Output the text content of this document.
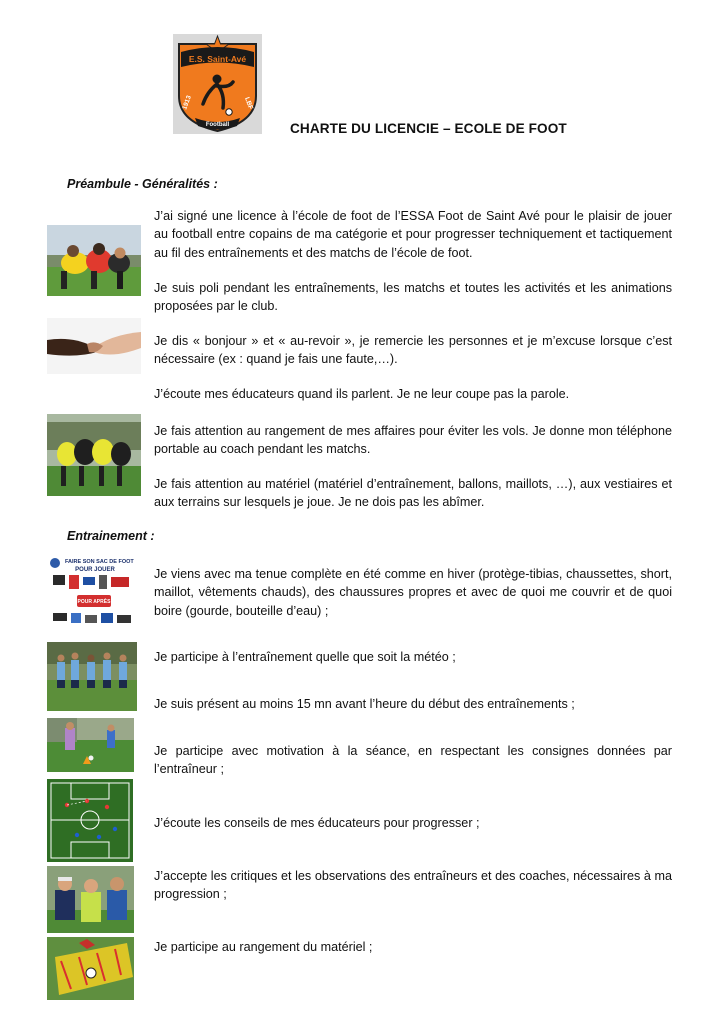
E.S. Saint-Avé
1913	LBF
Football	CHARTE DU LICENCIE – ECOLE DE FOOT
Préambule - Généralités :

J’ai signé une licence à l’école de foot de l’ESSA Foot de Saint Avé pour le plaisir de jouer au football entre copains de ma catégorie et pour progresser techniquement et tactiquement au fil des entraînements et des matchs de l’école de foot.

Je suis poli pendant les entraînements, les matchs et toutes les activités et les animations proposées par le club.

Je dis « bonjour » et « au-revoir », je remercie les personnes et je m’excuse lorsque c’est nécessaire (ex : quand je fais une faute,…).

J’écoute mes éducateurs quand ils parlent. Je ne leur coupe pas la parole.

Je fais attention au rangement de mes affaires pour éviter les vols. Je donne mon téléphone portable au coach pendant les matchs.

Je fais attention au matériel (matériel d’entraînement, ballons, maillots, …), aux vestiaires et aux terrains sur lesquels je joue. Je ne dois pas les abîmer.

Entrainement :

Je viens avec ma tenue complète en été comme en hiver (protège-tibias, chaussettes, short, maillot, vêtements chauds), des chaussures propres et avec de quoi me couvrir et de quoi boire (gourde, bouteille d’eau) ;

Je participe à l’entraînement quelle que soit la météo ;

Je suis présent au moins 15 mn avant l’heure du début des entraînements ;

Je participe avec motivation à la séance, en respectant les consignes données par l’entraîneur ;

J’écoute les conseils de mes éducateurs pour progresser ;

J’accepte les critiques et les observations des entraîneurs et des coaches, nécessaires à ma progression ;

Je participe au rangement du matériel ;

FAIRE SON SAC DE FOOT
POUR JOUER
POUR APRÈS
